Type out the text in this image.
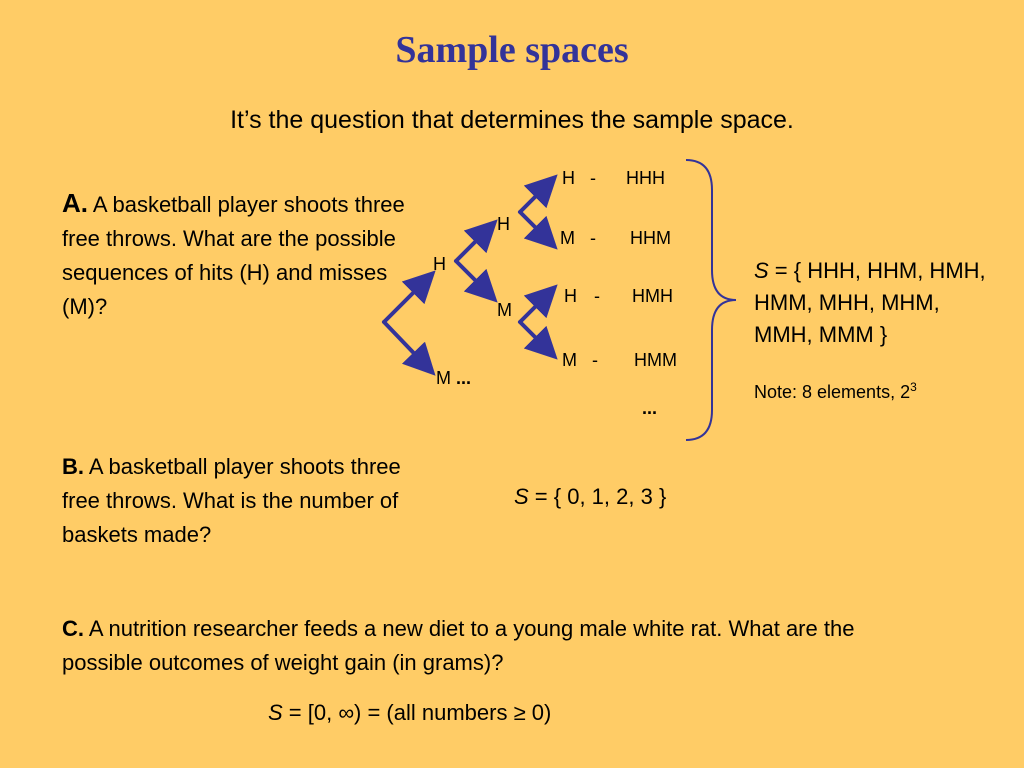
Sample spaces
It’s the question that determines the sample space.
A. A basketball player shoots three free throws. What are the possible sequences of hits (H) and misses (M)?
H
M ...
H
M
H - HHH
M - HHM
H - HMH
M - HMM
...
S = { HHH, HHM, HMH, HMM, MHH, MHM, MMH, MMM }
Note: 8 elements, $2^3$
B. A basketball player shoots three free throws. What is the number of baskets made?
S = { 0, 1, 2, 3 }
C. A nutrition researcher feeds a new diet to a young male white rat. What are the possible outcomes of weight gain (in grams)?
S = [0, ∞) = (all numbers ≥ 0)
